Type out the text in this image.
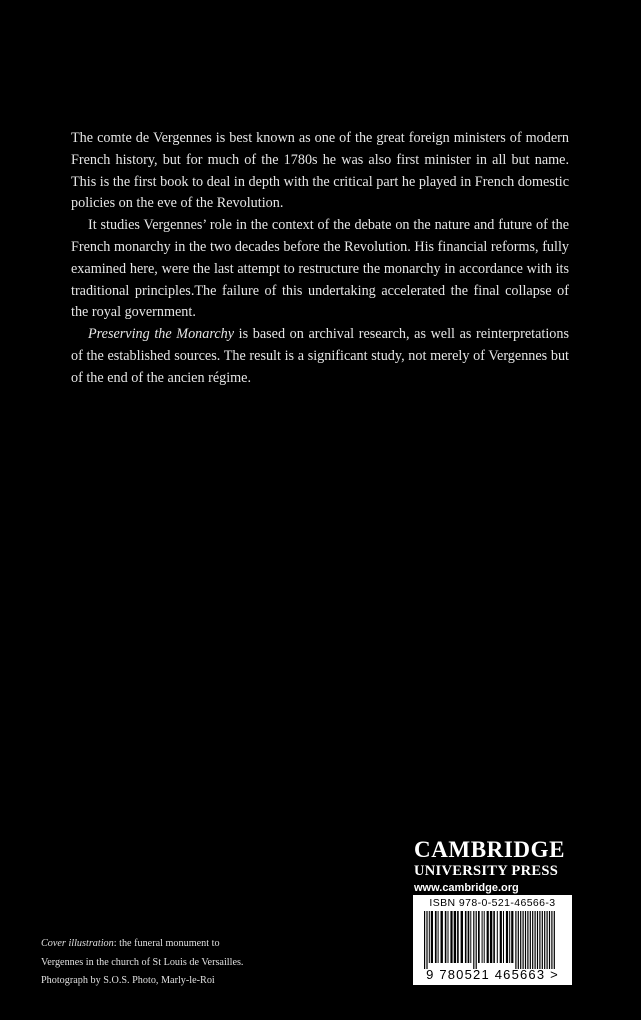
The comte de Vergennes is best known as one of the great foreign ministers of modern French history, but for much of the 1780s he was also first minister in all but name. This is the first book to deal in depth with the critical part he played in French domestic policies on the eve of the Revolution.

It studies Vergennes’ role in the context of the debate on the nature and future of the French monarchy in the two decades before the Revolution. His financial reforms, fully examined here, were the last attempt to restructure the monarchy in accordance with its traditional principles.The failure of this undertaking accelerated the final collapse of the royal government.

Preserving the Monarchy is based on archival research, as well as reinterpretations of the established sources. The result is a significant study, not merely of Vergennes but of the end of the ancien régime.

CAMBRIDGE
UNIVERSITY PRESS
www.cambridge.org
ISBN 978-0-521-46566-3
9 780521 465663 >
Cover illustration: the funeral monument to
Vergennes in the church of St Louis de Versailles.
Photograph by S.O.S. Photo, Marly-le-Roi
